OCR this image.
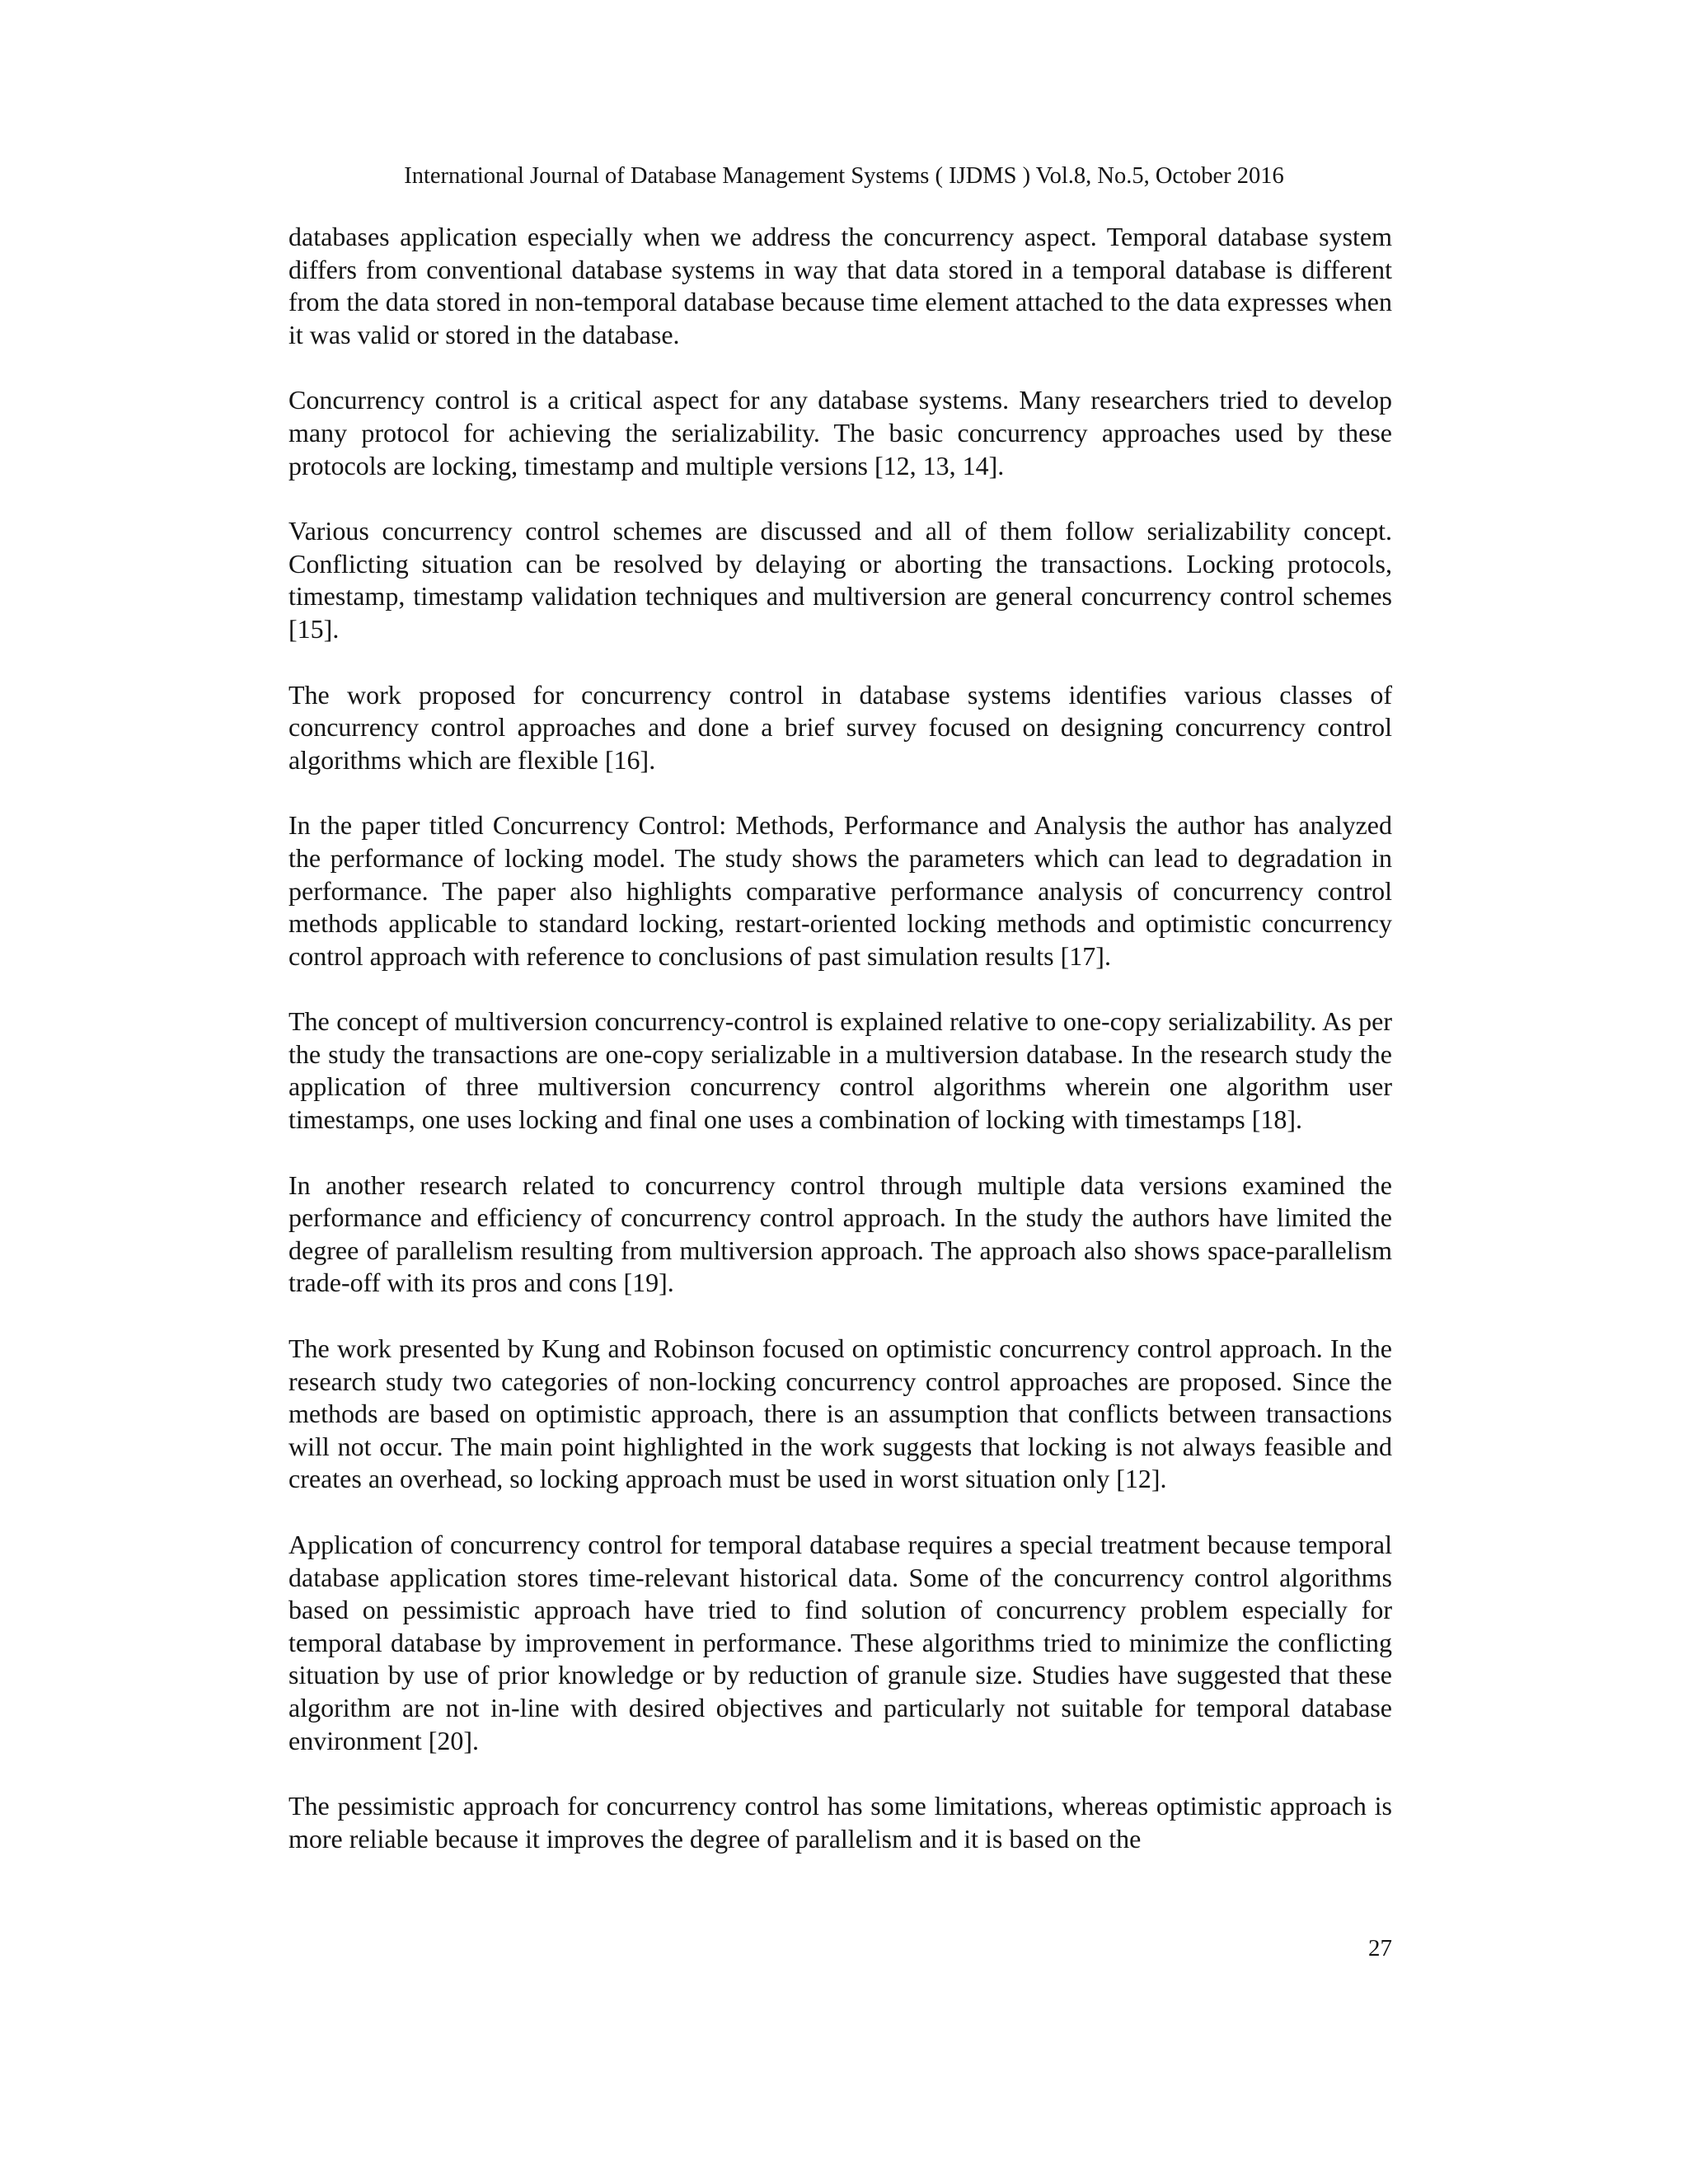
International Journal of Database Management Systems ( IJDMS ) Vol.8, No.5, October 2016

databases application especially when we address the concurrency aspect. Temporal database system differs from conventional database systems in way that data stored in a temporal database is different from the data stored in non-temporal database because time element attached to the data expresses when it was valid or stored in the database.

Concurrency control is a critical aspect for any database systems. Many researchers tried to develop many protocol for achieving the serializability. The basic concurrency approaches used by these protocols are locking, timestamp and multiple versions [12, 13, 14].

Various concurrency control schemes are discussed and all of them follow serializability concept. Conflicting situation can be resolved by delaying or aborting the transactions. Locking protocols, timestamp, timestamp validation techniques and multiversion are general concurrency control schemes [15].

The work proposed for concurrency control in database systems identifies various classes of concurrency control approaches and done a brief survey focused on designing concurrency control algorithms which are flexible [16].

In the paper titled Concurrency Control: Methods, Performance and Analysis the author has analyzed the performance of locking model. The study shows the parameters which can lead to degradation in performance. The paper also highlights comparative performance analysis of concurrency control methods applicable to standard locking, restart-oriented locking methods and optimistic concurrency control approach with reference to conclusions of past simulation results [17].

The concept of multiversion concurrency-control is explained relative to one-copy serializability. As per the study the transactions are one-copy serializable in a multiversion database. In the research study the application of three multiversion concurrency control algorithms wherein one algorithm user timestamps, one uses locking and final one uses a combination of locking with timestamps [18].

In another research related to concurrency control through multiple data versions examined the performance and efficiency of concurrency control approach. In the study the authors have limited the degree of parallelism resulting from multiversion approach. The approach also shows space-parallelism trade-off with its pros and cons [19].

The work presented by Kung and Robinson focused on optimistic concurrency control approach. In the research study two categories of non-locking concurrency control approaches are proposed. Since the methods are based on optimistic approach, there is an assumption that conflicts between transactions will not occur. The main point highlighted in the work suggests that locking is not always feasible and creates an overhead, so locking approach must be used in worst situation only [12].

Application of concurrency control for temporal database requires a special treatment because temporal database application stores time-relevant historical data. Some of the concurrency control algorithms based on pessimistic approach have tried to find solution of concurrency problem especially for temporal database by improvement in performance. These algorithms tried to minimize the conflicting situation by use of prior knowledge or by reduction of granule size. Studies have suggested that these algorithm are not in-line with desired objectives and particularly not suitable for temporal database environment [20].

The pessimistic approach for concurrency control has some limitations, whereas optimistic approach is more reliable because it improves the degree of parallelism and it is based on the

27
